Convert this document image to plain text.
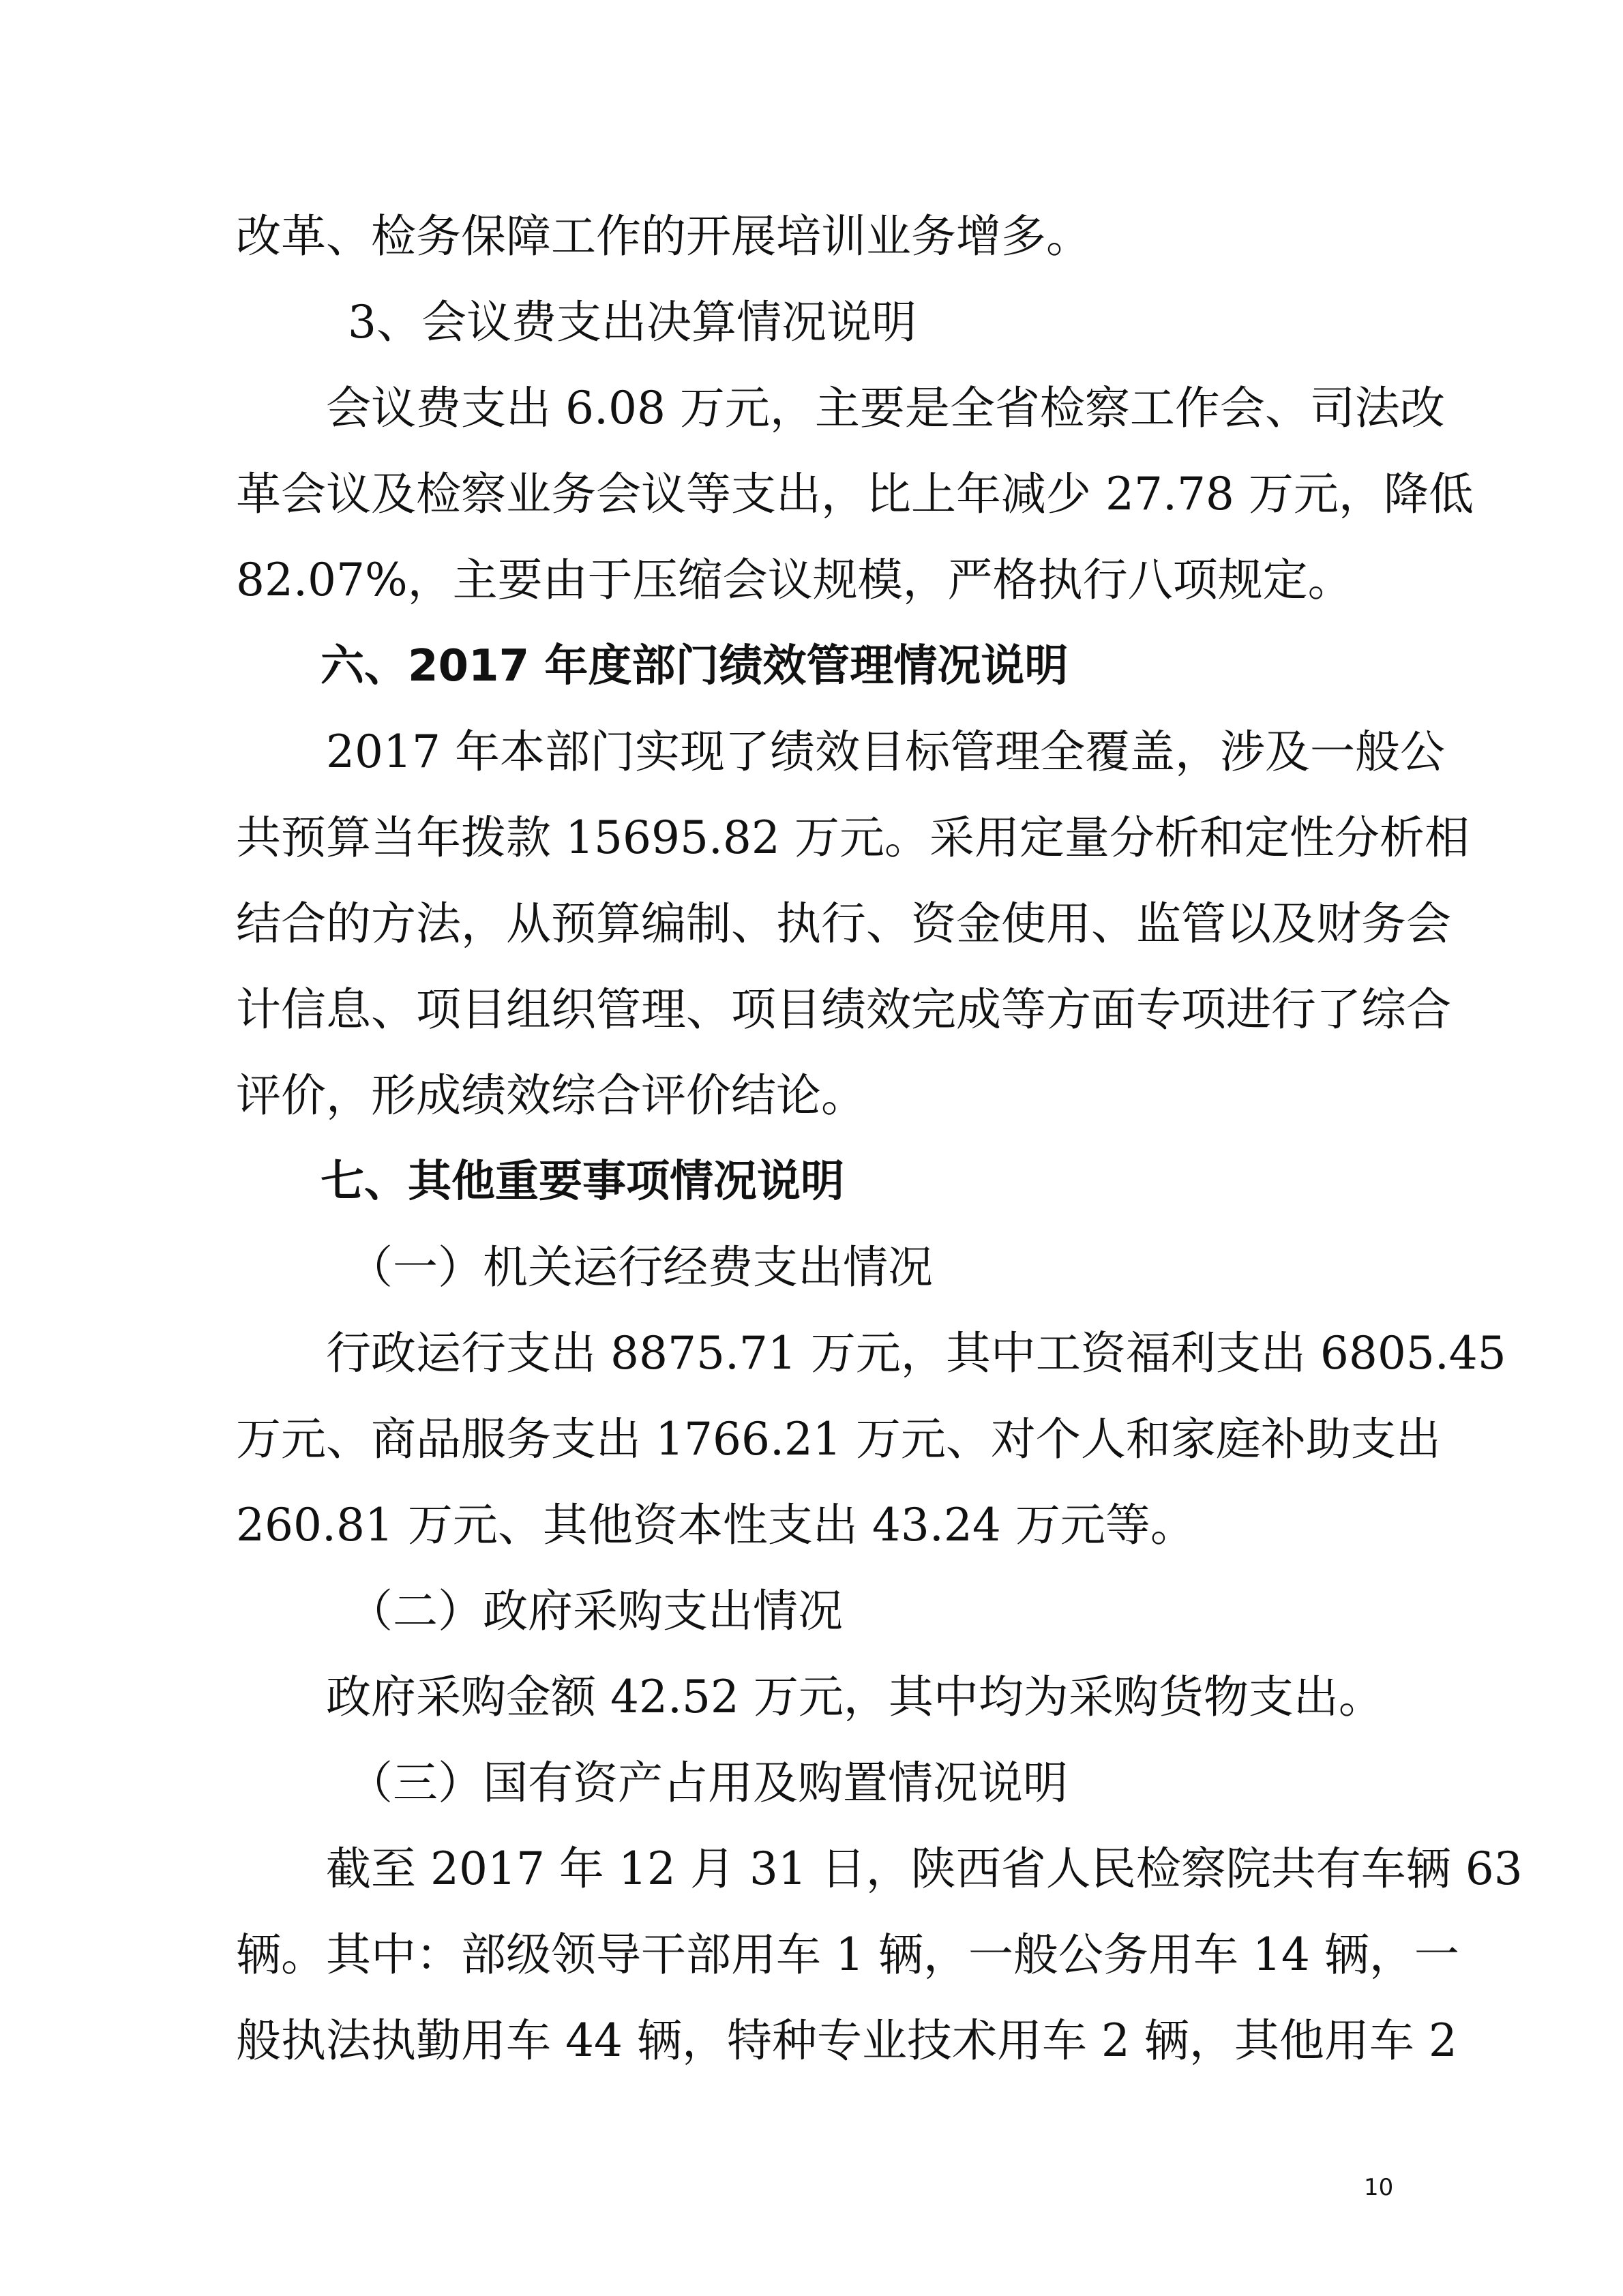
改革、检务保障工作的开展培训业务增多。
3、会议费支出决算情况说明
会议费支出 6.08 万元，主要是全省检察工作会、司法改
革会议及检察业务会议等支出，比上年减少 27.78 万元，降低
82.07%，主要由于压缩会议规模，严格执行八项规定。
六、2017 年度部门绩效管理情况说明
2017 年本部门实现了绩效目标管理全覆盖，涉及一般公
共预算当年拨款 15695.82 万元。采用定量分析和定性分析相
结合的方法，从预算编制、执行、资金使用、监管以及财务会
计信息、项目组织管理、项目绩效完成等方面专项进行了综合
评价，形成绩效综合评价结论。
七、其他重要事项情况说明
（一）机关运行经费支出情况
行政运行支出 8875.71 万元，其中工资福利支出 6805.45
万元、商品服务支出 1766.21 万元、对个人和家庭补助支出
260.81 万元、其他资本性支出 43.24 万元等。
（二）政府采购支出情况
政府采购金额 42.52 万元，其中均为采购货物支出。
（三）国有资产占用及购置情况说明
截至 2017 年 12 月 31 日，陕西省人民检察院共有车辆 63
辆。其中：部级领导干部用车 1 辆，一般公务用车 14 辆，一
般执法执勤用车 44 辆，特种专业技术用车 2 辆，其他用车 2
10
